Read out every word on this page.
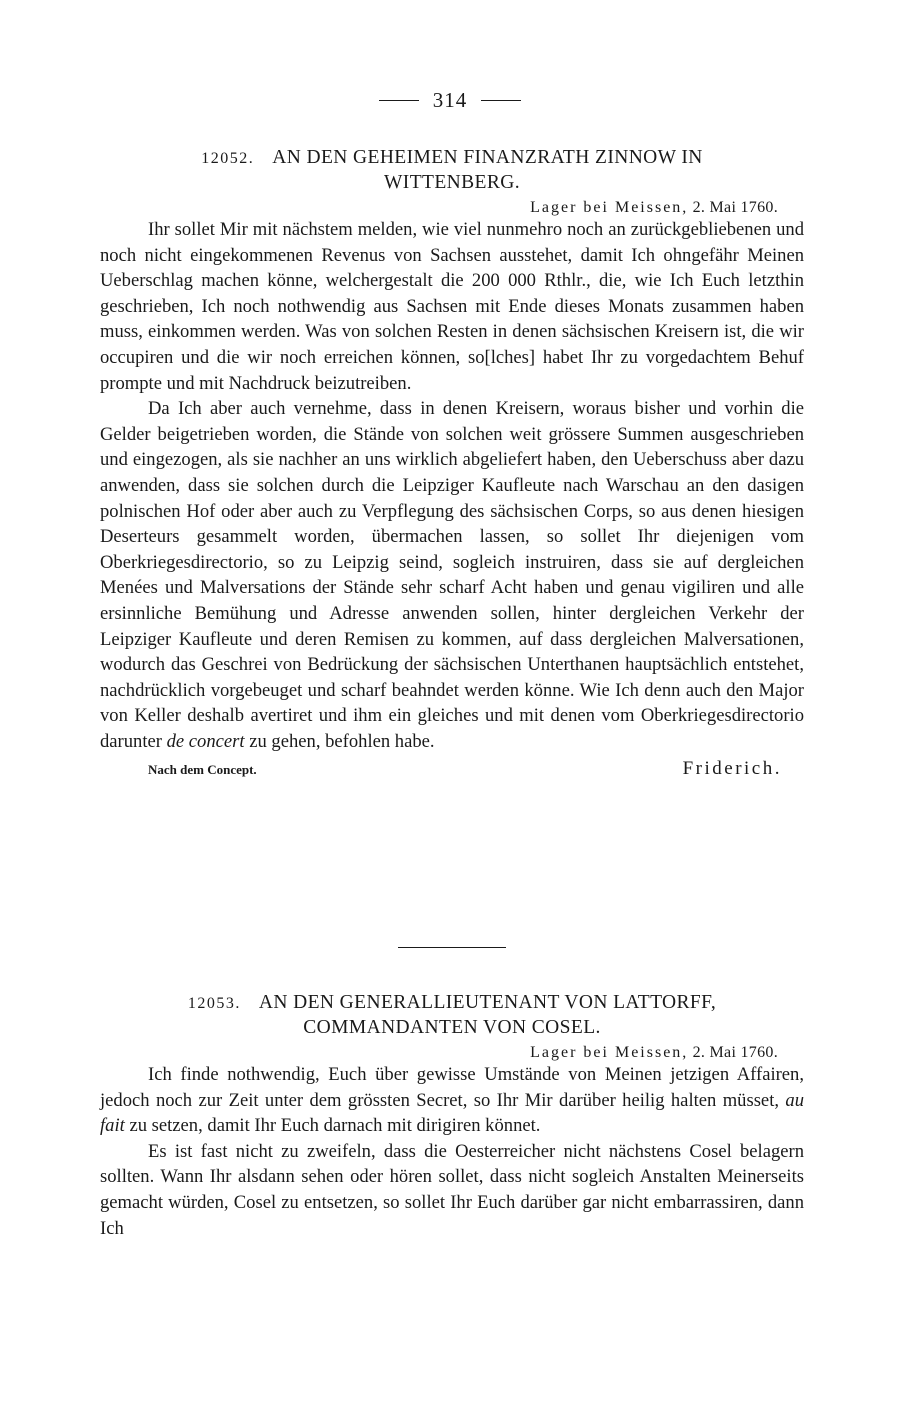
314
12052. AN DEN GEHEIMEN FINANZRATH ZINNOW IN
WITTENBERG.
Lager bei Meissen, 2. Mai 1760.

Ihr sollet Mir mit nächstem melden, wie viel nunmehro noch an zurückgebliebenen und noch nicht eingekommenen Revenus von Sachsen ausstehet, damit Ich ohngefähr Meinen Ueberschlag machen könne, welchergestalt die 200 000 Rthlr., die, wie Ich Euch letzthin geschrieben, Ich noch nothwendig aus Sachsen mit Ende dieses Monats zusammen haben muss, einkommen werden. Was von solchen Resten in denen sächsischen Kreisern ist, die wir occupiren und die wir noch erreichen können, so[lches] habet Ihr zu vorgedachtem Behuf prompte und mit Nachdruck beizutreiben.

Da Ich aber auch vernehme, dass in denen Kreisern, woraus bisher und vorhin die Gelder beigetrieben worden, die Stände von solchen weit grössere Summen ausgeschrieben und eingezogen, als sie nachher an uns wirklich abgeliefert haben, den Ueberschuss aber dazu anwenden, dass sie solchen durch die Leipziger Kaufleute nach Warschau an den dasigen polnischen Hof oder aber auch zu Verpflegung des sächsischen Corps, so aus denen hiesigen Deserteurs gesammelt worden, übermachen lassen, so sollet Ihr diejenigen vom Oberkriegesdirectorio, so zu Leipzig seind, sogleich instruiren, dass sie auf dergleichen Menées und Malversations der Stände sehr scharf Acht haben und genau vigiliren und alle ersinnliche Bemühung und Adresse anwenden sollen, hinter dergleichen Verkehr der Leipziger Kaufleute und deren Remisen zu kommen, auf dass dergleichen Malversationen, wodurch das Geschrei von Bedrückung der sächsischen Unterthanen hauptsächlich entstehet, nachdrücklich vorgebeuget und scharf beahndet werden könne. Wie Ich denn auch den Major von Keller deshalb avertiret und ihm ein gleiches und mit denen vom Oberkriegesdirectorio darunter de concert zu gehen, befohlen habe.

Nach dem Concept.	Friderich.
12053. AN DEN GENERALLIEUTENANT VON LATTORFF,
COMMANDANTEN VON COSEL.
Lager bei Meissen, 2. Mai 1760.

Ich finde nothwendig, Euch über gewisse Umstände von Meinen jetzigen Affairen, jedoch noch zur Zeit unter dem grössten Secret, so Ihr Mir darüber heilig halten müsset, au fait zu setzen, damit Ihr Euch darnach mit dirigiren könnet.

Es ist fast nicht zu zweifeln, dass die Oesterreicher nicht nächstens Cosel belagern sollten. Wann Ihr alsdann sehen oder hören sollet, dass nicht sogleich Anstalten Meinerseits gemacht würden, Cosel zu entsetzen, so sollet Ihr Euch darüber gar nicht embarrassiren, dann Ich
